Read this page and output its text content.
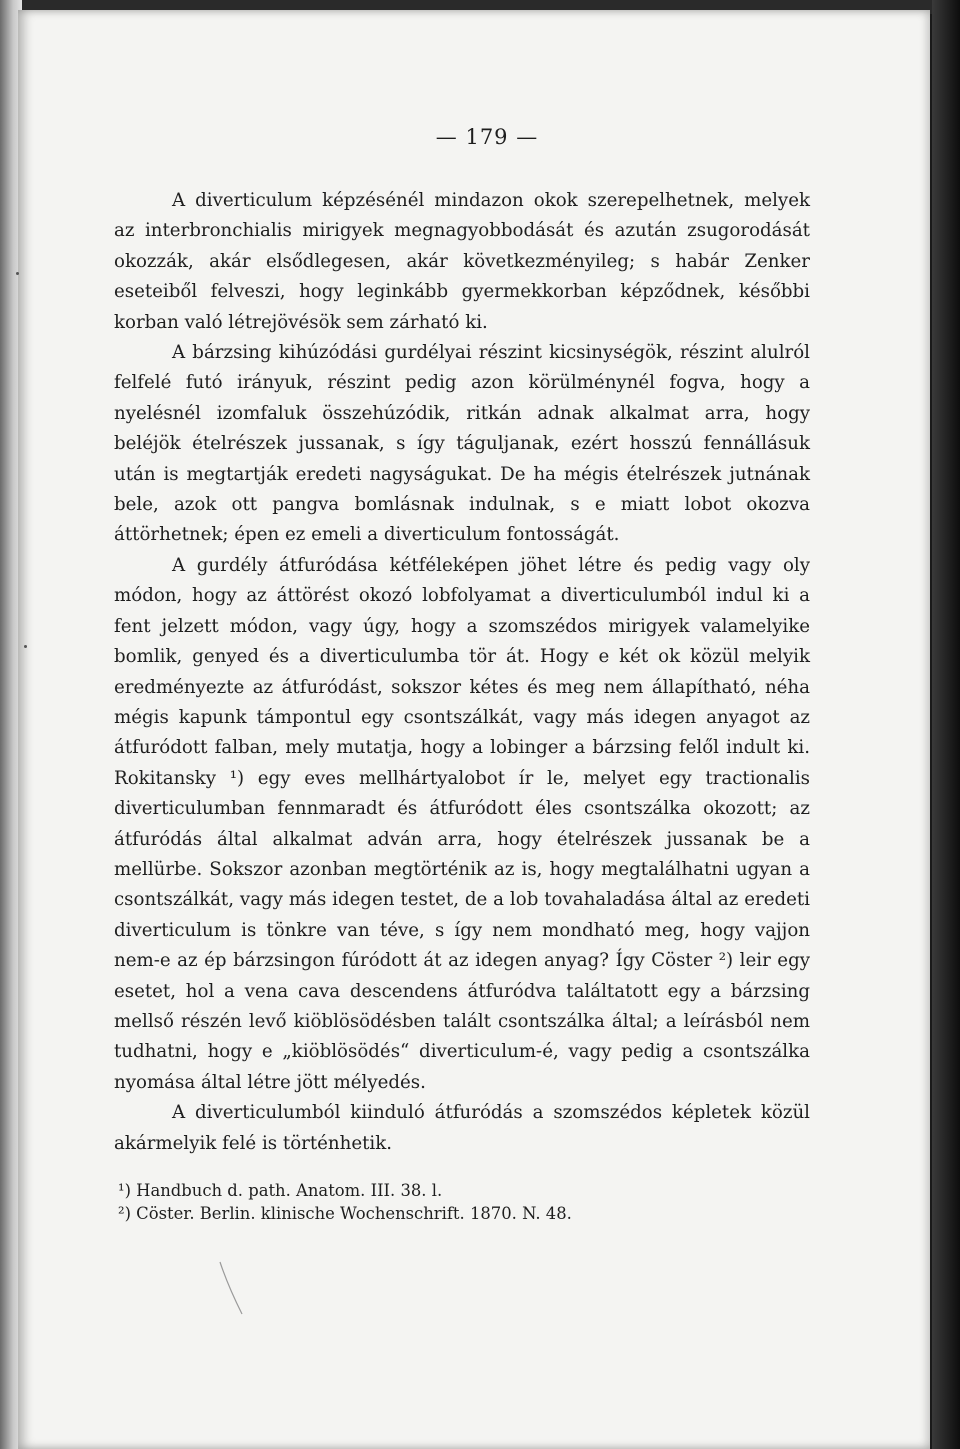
— 179 —

A diverticulum képzésénél mindazon okok szerepelhetnek, melyek az interbronchialis mirigyek megnagyobbodását és azután zsugorodását okozzák, akár elsődlegesen, akár következményileg; s habár Zenker eseteiből felveszi, hogy leginkább gyermekkorban képződnek, későbbi korban való létrejövésök sem zárható ki.

A bárzsing kihúzódási gurdélyai részint kicsinységök, részint alulról felfelé futó irányuk, részint pedig azon körülménynél fogva, hogy a nyelésnél izomfaluk összehúzódik, ritkán adnak alkalmat arra, hogy beléjök ételrészek jussanak, s így táguljanak, ezért hosszú fennállásuk után is megtartják eredeti nagyságukat. De ha mégis ételrészek jutnának bele, azok ott pangva bomlásnak indulnak, s e miatt lobot okozva áttörhetnek; épen ez emeli a diverticulum fontosságát.

A gurdély átfuródása kétféleképen jöhet létre és pedig vagy oly módon, hogy az áttörést okozó lobfolyamat a diverticulumból indul ki a fent jelzett módon, vagy úgy, hogy a szomszédos mirigyek valamelyike bomlik, genyed és a diverticulumba tör át. Hogy e két ok közül melyik eredményezte az átfuródást, sokszor kétes és meg nem állapítható, néha mégis kapunk támpontul egy csontszálkát, vagy más idegen anyagot az átfuródott falban, mely mutatja, hogy a lobinger a bárzsing felől indult ki. Rokitansky ¹) egy eves mellhártyalobot ír le, melyet egy tractionalis diverticulumban fennmaradt és átfuródott éles csontszálka okozott; az átfuródás által alkalmat adván arra, hogy ételrészek jussanak be a mellürbe. Sokszor azonban megtörténik az is, hogy megtalálhatni ugyan a csontszálkát, vagy más idegen testet, de a lob tovahaladása által az eredeti diverticulum is tönkre van téve, s így nem mondható meg, hogy vajjon nem-e az ép bárzsingon fúródott át az idegen anyag? Így Cöster ²) leir egy esetet, hol a vena cava descendens átfuródva találtatott egy a bárzsing mellső részén levő kiöblösödésben talált csontszálka által; a leírásból nem tudhatni, hogy e „kiöblösödés“ diverticulum-é, vagy pedig a csontszálka nyomása által létre jött mélyedés.

A diverticulumból kiinduló átfuródás a szomszédos képletek közül akármelyik felé is történhetik.

¹) Handbuch d. path. Anatom. III. 38. l.

²) Cöster. Berlin. klinische Wochenschrift. 1870. N. 48.
